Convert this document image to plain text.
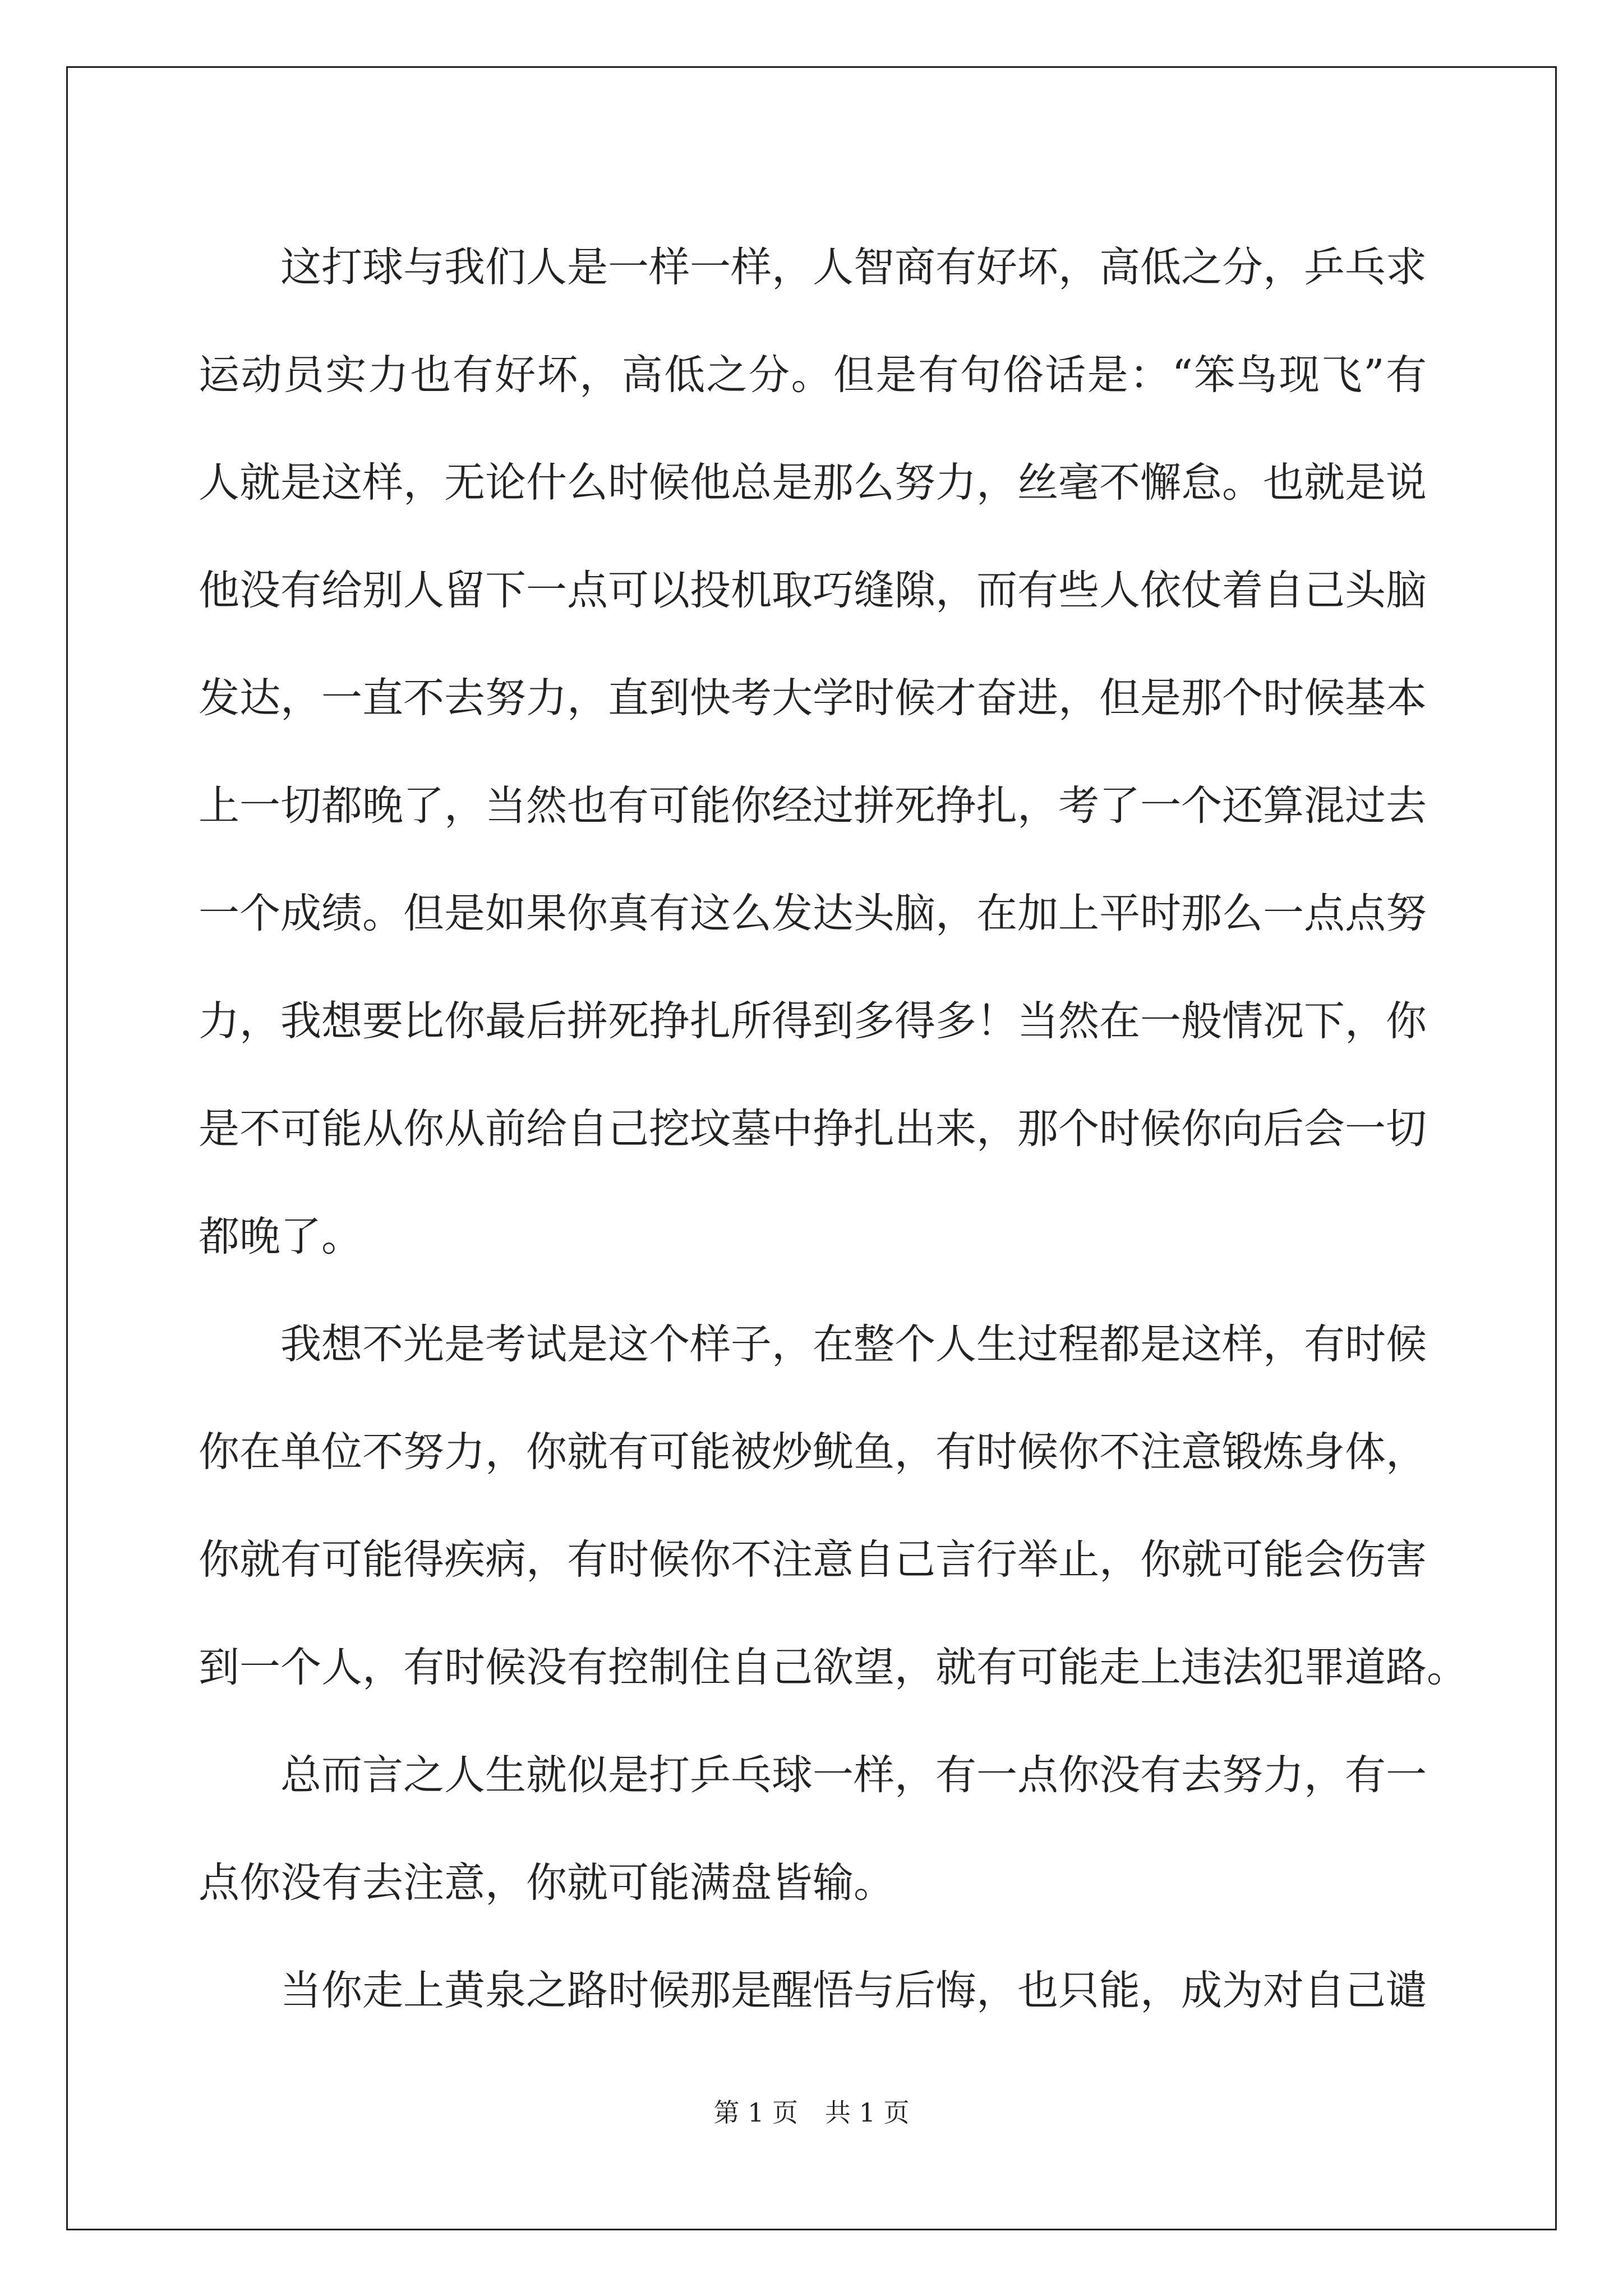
这打球与我们人是一样一样，人智商有好坏，高低之分，乒乓求
运动员实力也有好坏，高低之分。但是有句俗话是：“笨鸟现飞”有
人就是这样，无论什么时候他总是那么努力，丝毫不懈怠。也就是说
他没有给别人留下一点可以投机取巧缝隙，而有些人依仗着自己头脑
发达，一直不去努力，直到快考大学时候才奋进，但是那个时候基本
上一切都晚了，当然也有可能你经过拼死挣扎，考了一个还算混过去
一个成绩。但是如果你真有这么发达头脑，在加上平时那么一点点努
力，我想要比你最后拼死挣扎所得到多得多！当然在一般情况下，你
是不可能从你从前给自己挖坟墓中挣扎出来，那个时候你向后会一切
都晚了。
我想不光是考试是这个样子，在整个人生过程都是这样，有时候
你在单位不努力，你就有可能被炒鱿鱼，有时候你不注意锻炼身体，
你就有可能得疾病，有时候你不注意自己言行举止，你就可能会伤害
到一个人，有时候没有控制住自己欲望，就有可能走上违法犯罪道路。
总而言之人生就似是打乒乓球一样，有一点你没有去努力，有一
点你没有去注意，你就可能满盘皆输。
当你走上黄泉之路时候那是醒悟与后悔，也只能，成为对自己谴
第 1 页 共 1 页
